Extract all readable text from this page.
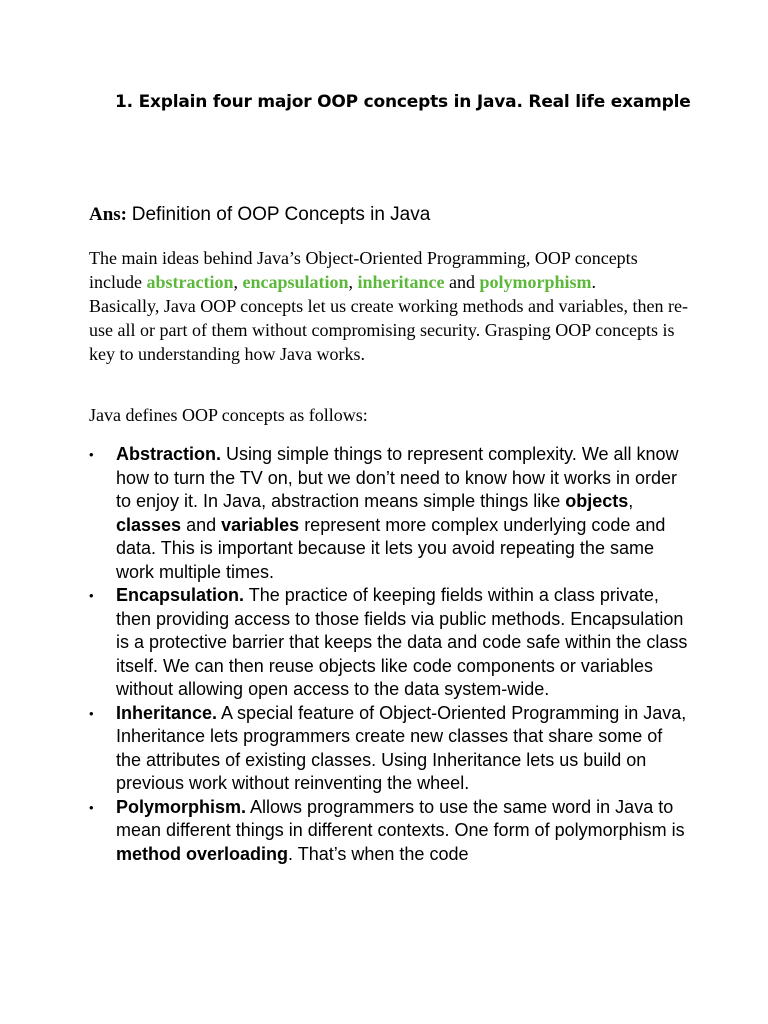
1. Explain four major OOP concepts in Java. Real life example
Ans: Definition of OOP Concepts in Java

The main ideas behind Java’s Object-Oriented Programming, OOP concepts

include abstraction, encapsulation, inheritance and polymorphism.

Basically, Java OOP concepts let us create working methods and variables, then re-use all or part of them without compromising security. Grasping OOP concepts is key to understanding how Java works.

Java defines OOP concepts as follows:
• Abstraction. Using simple things to represent complexity. We all know how to turn the TV on, but we don’t need to know how it works in order to enjoy it. In Java, abstraction means simple things like objects, classes and variables represent more complex underlying code and data. This is important because it lets you avoid repeating the same work multiple times.
• Encapsulation. The practice of keeping fields within a class private, then providing access to those fields via public methods. Encapsulation is a protective barrier that keeps the data and code safe within the class itself. We can then reuse objects like code components or variables without allowing open access to the data system-wide.
• Inheritance. A special feature of Object-Oriented Programming in Java, Inheritance lets programmers create new classes that share some of the attributes of existing classes. Using Inheritance lets us build on previous work without reinventing the wheel.
• Polymorphism. Allows programmers to use the same word in Java to mean different things in different contexts. One form of polymorphism is method overloading. That’s when the code
